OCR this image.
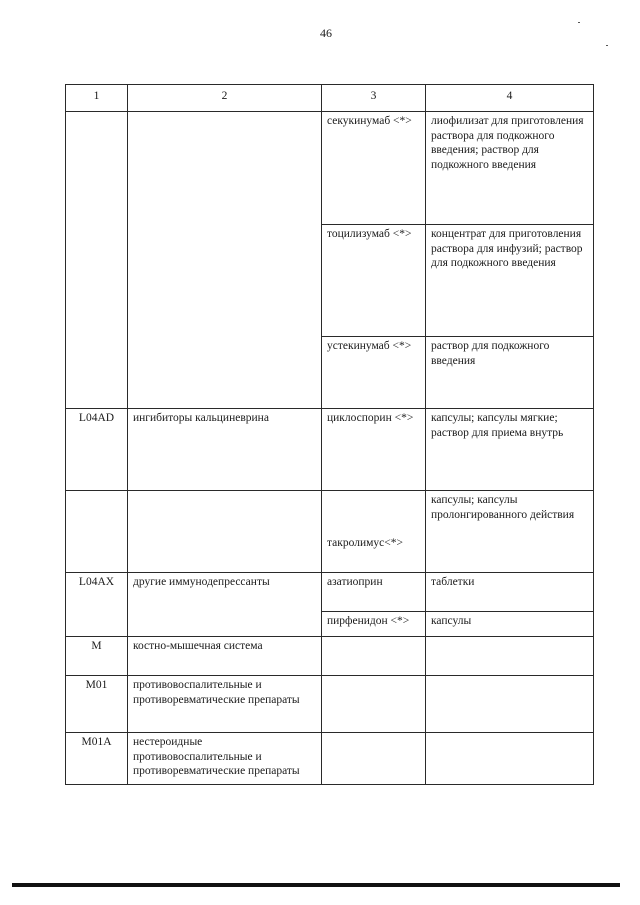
46
1	2	3	4
		секукинумаб <*>	лиофилизат для приготовления раствора для подкожного введения; раствор для подкожного введения
		тоцилизумаб <*>	концентрат для приготовления раствора для инфузий; раствор для подкожного введения
		устекинумаб <*>	раствор для подкожного введения
L04AD	ингибиторы кальциневрина	циклоспорин <*>	капсулы; капсулы мягкие; раствор для приема внутрь
		такролимус<*>	капсулы; капсулы пролонгированного действия
L04AX	другие иммунодепрессанты	азатиоприн	таблетки
		пирфенидон <*>	капсулы
M	костно-мышечная система		
M01	противовоспалительные и противоревматические препараты		
M01A	нестероидные противовоспалительные и противоревматические препараты		
